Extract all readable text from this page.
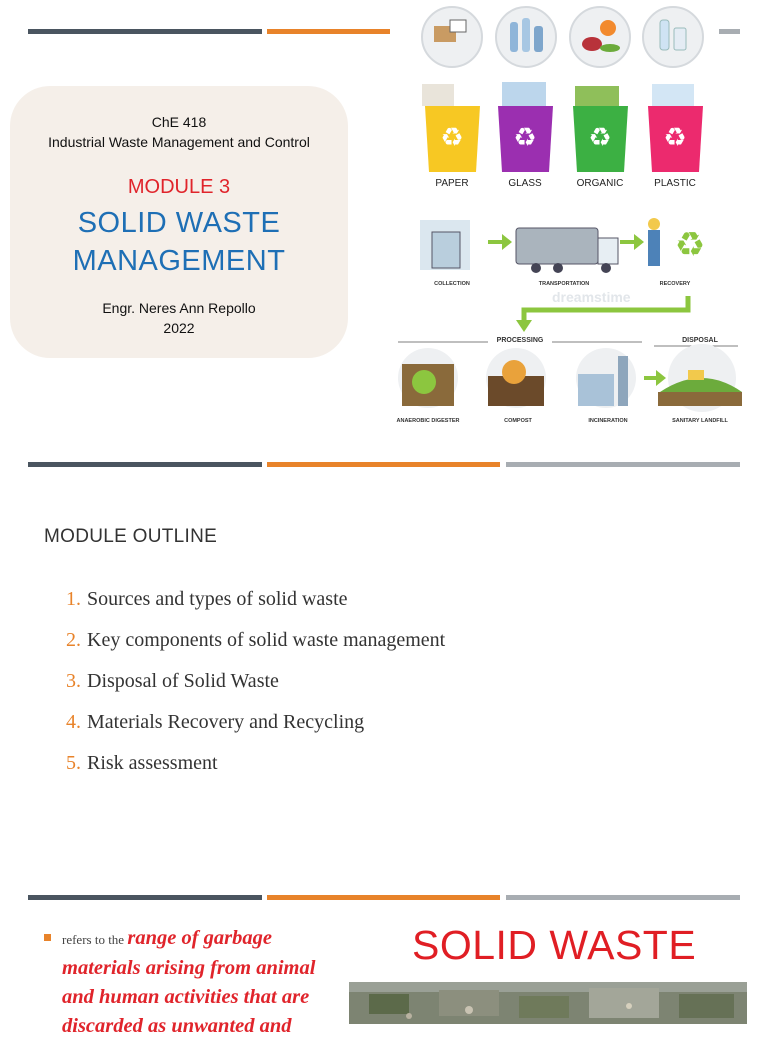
ChE 418
Industrial Waste Management and Control
MODULE 3
SOLID WASTE
MANAGEMENT
Engr. Neres Ann Repollo
2022
♻ ♻ ♻ ♻
PAPER	GLASS	ORGANIC	PLASTIC
♻
COLLECTION	TRANSPORTATION	RECOVERY
dreamstime
PROCESSING	DISPOSAL
ANAEROBIC DIGESTER	COMPOST	INCINERATION	SANITARY LANDFILL
MODULE OUTLINE
1. Sources and types of solid waste
2. Key components of solid waste management
3. Disposal of Solid Waste
4. Materials Recovery and Recycling
5. Risk assessment
refers to the range of garbage materials arising from animal and human activities that are discarded as unwanted and
SOLID WASTE
